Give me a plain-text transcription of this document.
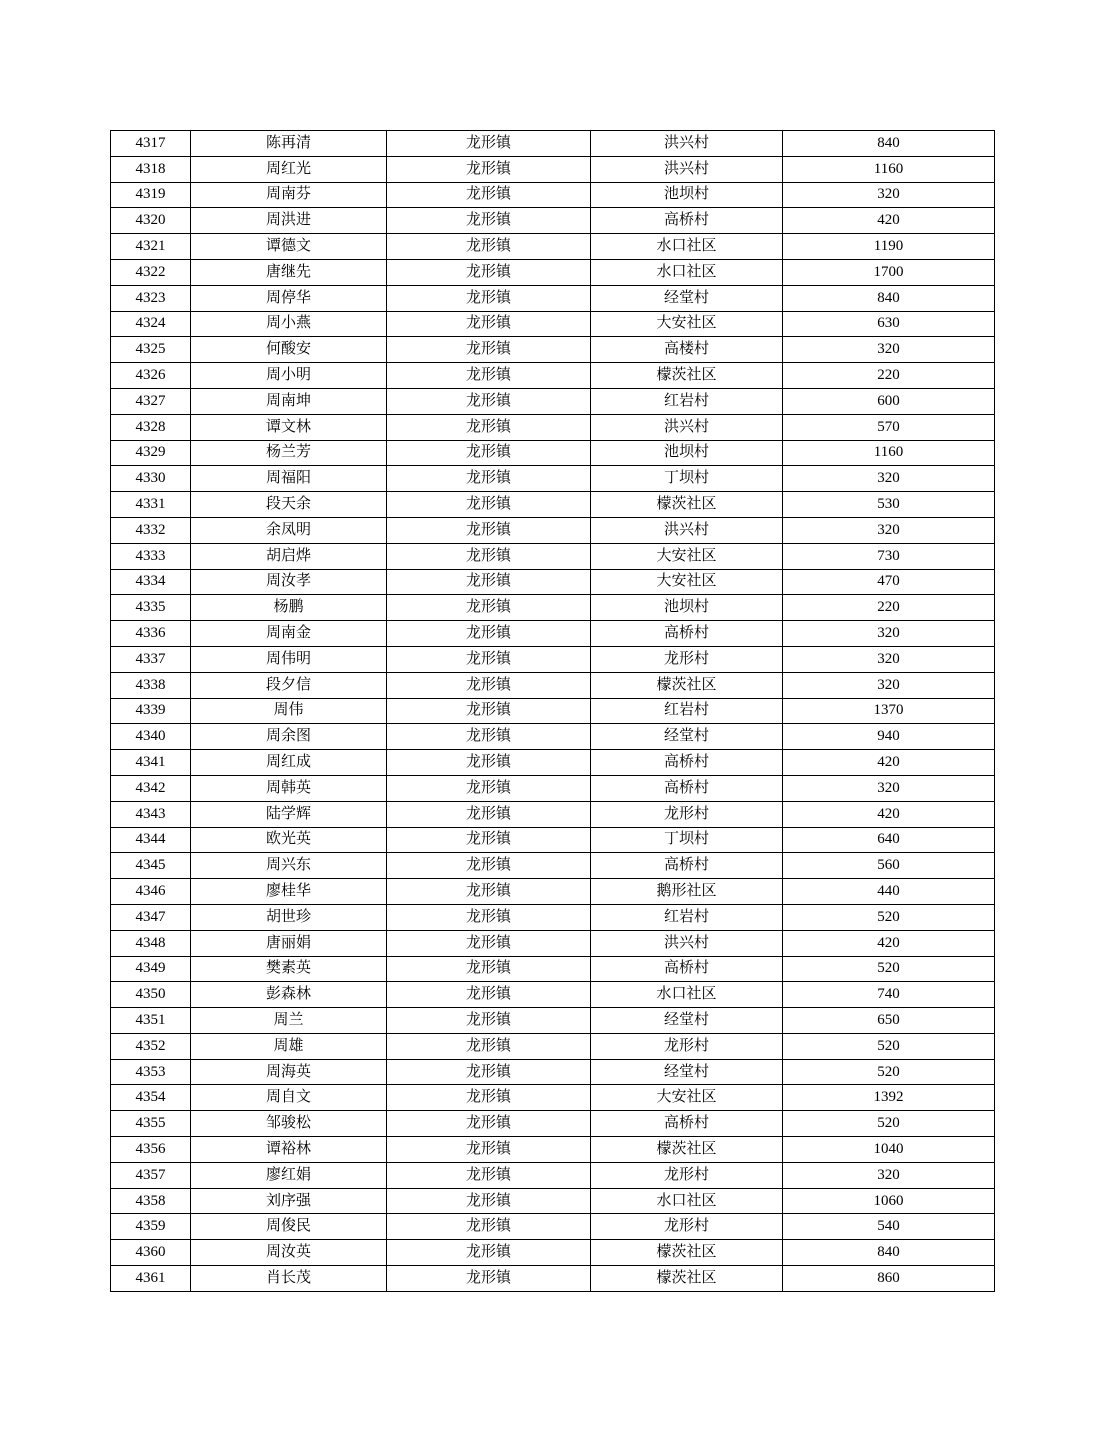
4317	陈再清	龙形镇	洪兴村	840
4318	周红光	龙形镇	洪兴村	1160
4319	周南芬	龙形镇	池坝村	320
4320	周洪进	龙形镇	高桥村	420
4321	谭德文	龙形镇	水口社区	1190
4322	唐继先	龙形镇	水口社区	1700
4323	周停华	龙形镇	经堂村	840
4324	周小燕	龙形镇	大安社区	630
4325	何酸安	龙形镇	高楼村	320
4326	周小明	龙形镇	檬茨社区	220
4327	周南坤	龙形镇	红岩村	600
4328	谭文林	龙形镇	洪兴村	570
4329	杨兰芳	龙形镇	池坝村	1160
4330	周福阳	龙形镇	丁坝村	320
4331	段天余	龙形镇	檬茨社区	530
4332	余凤明	龙形镇	洪兴村	320
4333	胡启烨	龙形镇	大安社区	730
4334	周汝孝	龙形镇	大安社区	470
4335	杨鹏	龙形镇	池坝村	220
4336	周南金	龙形镇	高桥村	320
4337	周伟明	龙形镇	龙形村	320
4338	段夕信	龙形镇	檬茨社区	320
4339	周伟	龙形镇	红岩村	1370
4340	周余图	龙形镇	经堂村	940
4341	周红成	龙形镇	高桥村	420
4342	周韩英	龙形镇	高桥村	320
4343	陆学辉	龙形镇	龙形村	420
4344	欧光英	龙形镇	丁坝村	640
4345	周兴东	龙形镇	高桥村	560
4346	廖桂华	龙形镇	鹅形社区	440
4347	胡世珍	龙形镇	红岩村	520
4348	唐丽娟	龙形镇	洪兴村	420
4349	樊素英	龙形镇	高桥村	520
4350	彭森林	龙形镇	水口社区	740
4351	周兰	龙形镇	经堂村	650
4352	周雄	龙形镇	龙形村	520
4353	周海英	龙形镇	经堂村	520
4354	周自文	龙形镇	大安社区	1392
4355	邹骏松	龙形镇	高桥村	520
4356	谭裕林	龙形镇	檬茨社区	1040
4357	廖红娟	龙形镇	龙形村	320
4358	刘序强	龙形镇	水口社区	1060
4359	周俊民	龙形镇	龙形村	540
4360	周汝英	龙形镇	檬茨社区	840
4361	肖长茂	龙形镇	檬茨社区	860
